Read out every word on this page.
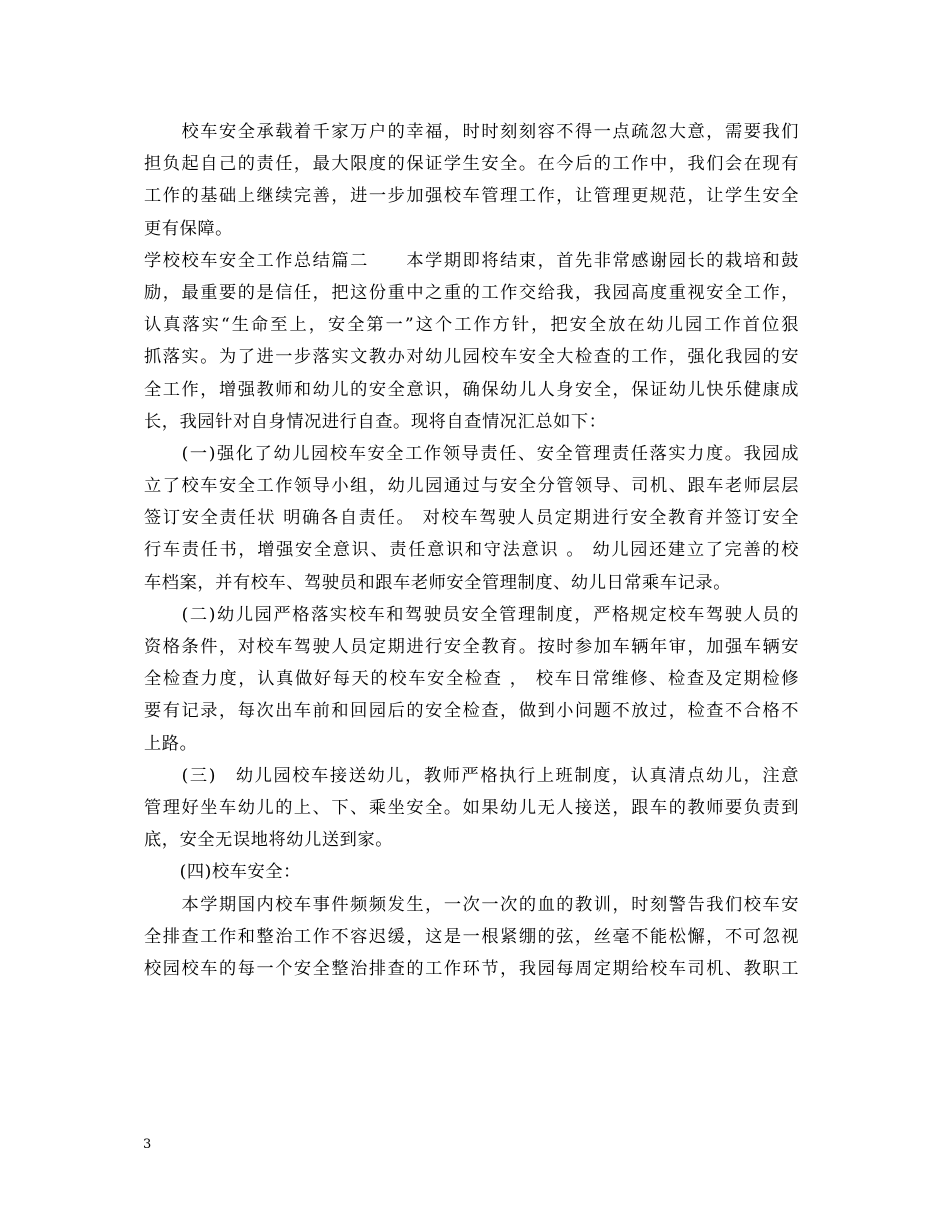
　　校车安全承载着千家万户的幸福，时时刻刻容不得一点疏忽大意，需要我们
担负起自己的责任，最大限度的保证学生安全。在今后的工作中，我们会在现有
工作的基础上继续完善，进一步加强校车管理工作，让管理更规范，让学生安全
更有保障。
学校校车安全工作总结篇二　　本学期即将结束，首先非常感谢园长的栽培和鼓
励，最重要的是信任，把这份重中之重的工作交给我，我园高度重视安全工作，
认真落实“生命至上，安全第一”这个工作方针，把安全放在幼儿园工作首位狠
抓落实。为了进一步落实文教办对幼儿园校车安全大检查的工作，强化我园的安
全工作，增强教师和幼儿的安全意识，确保幼儿人身安全，保证幼儿快乐健康成
长，我园针对自身情况进行自查。现将自查情况汇总如下：
　　(一)强化了幼儿园校车安全工作领导责任、安全管理责任落实力度。我园成
立了校车安全工作领导小组，幼儿园通过与安全分管领导、司机、跟车老师层层
签订安全责任状 明确各自责任。 对校车驾驶人员定期进行安全教育并签订安全
行车责任书，增强安全意识、责任意识和守法意识 。 幼儿园还建立了完善的校
车档案，并有校车、驾驶员和跟车老师安全管理制度、幼儿日常乘车记录。
　　(二)幼儿园严格落实校车和驾驶员安全管理制度，严格规定校车驾驶人员的
资格条件，对校车驾驶人员定期进行安全教育。按时参加车辆年审，加强车辆安
全检查力度，认真做好每天的校车安全检查 ， 校车日常维修、检查及定期检修
要有记录，每次出车前和回园后的安全检查，做到小问题不放过，检查不合格不
上路。
　　(三)　幼儿园校车接送幼儿，教师严格执行上班制度，认真清点幼儿，注意
管理好坐车幼儿的上、下、乘坐安全。如果幼儿无人接送，跟车的教师要负责到
底，安全无误地将幼儿送到家。
　　(四)校车安全：
　　本学期国内校车事件频频发生，一次一次的血的教训，时刻警告我们校车安
全排查工作和整治工作不容迟缓，这是一根紧绷的弦，丝毫不能松懈，不可忽视
校园校车的每一个安全整治排查的工作环节，我园每周定期给校车司机、教职工
3
